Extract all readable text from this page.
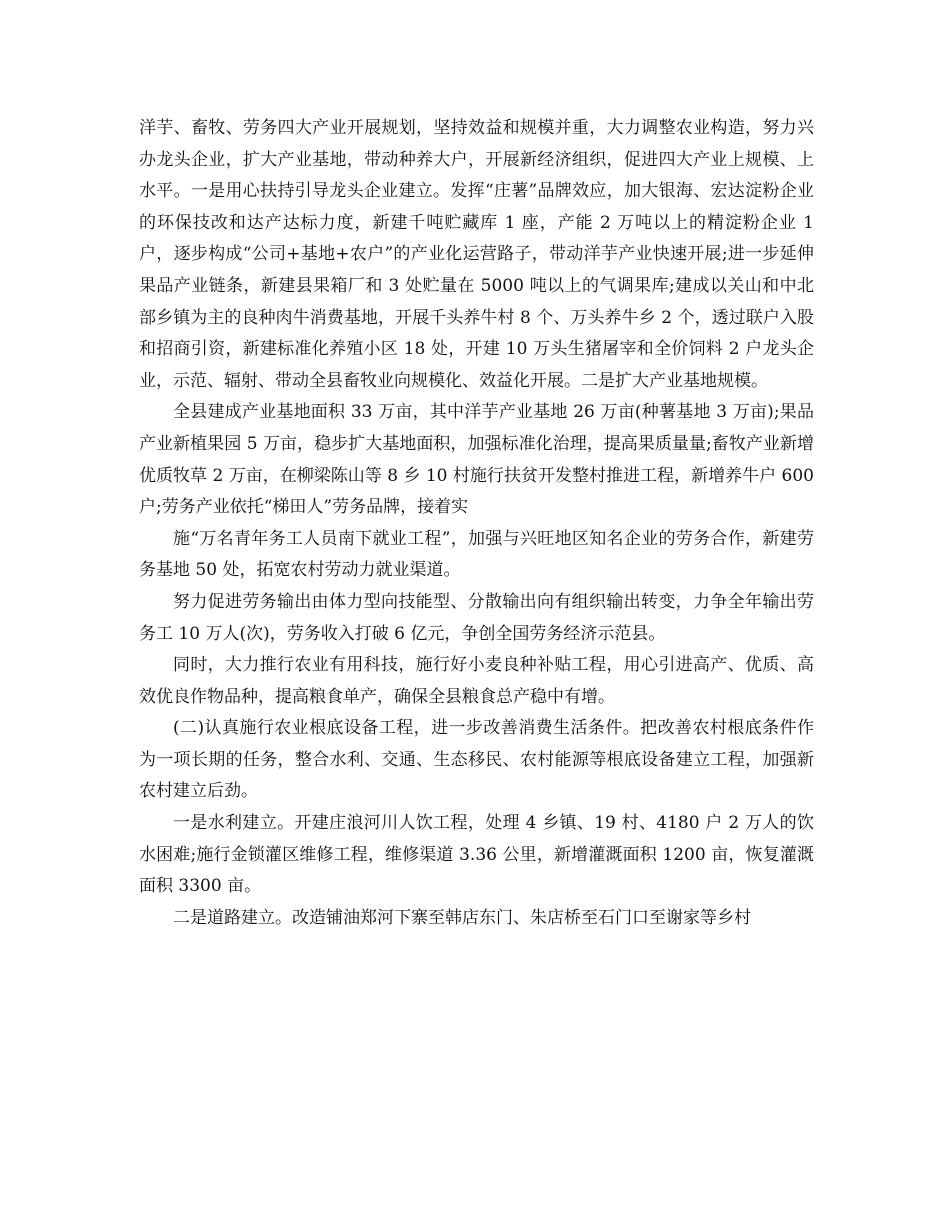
洋芋、畜牧、劳务四大产业开展规划，坚持效益和规模并重，大力调整农业构造，努力兴办龙头企业，扩大产业基地，带动种养大户，开展新经济组织，促进四大产业上规模、上水平。一是用心扶持引导龙头企业建立。发挥“庄薯”品牌效应，加大银海、宏达淀粉企业的环保技改和达产达标力度，新建千吨贮藏库 1 座，产能 2 万吨以上的精淀粉企业 1 户，逐步构成“公司+基地+农户”的产业化运营路子，带动洋芋产业快速开展;进一步延伸果品产业链条，新建县果箱厂和 3 处贮量在 5000 吨以上的气调果库;建成以关山和中北部乡镇为主的良种肉牛消费基地，开展千头养牛村 8 个、万头养牛乡 2 个，透过联户入股和招商引资，新建标准化养殖小区 18 处，开建 10 万头生猪屠宰和全价饲料 2 户龙头企业，示范、辐射、带动全县畜牧业向规模化、效益化开展。二是扩大产业基地规模。

全县建成产业基地面积 33 万亩，其中洋芋产业基地 26 万亩(种薯基地 3 万亩);果品产业新植果园 5 万亩，稳步扩大基地面积，加强标准化治理，提高果质量量;畜牧产业新增优质牧草 2 万亩，在柳梁陈山等 8 乡 10 村施行扶贫开发整村推进工程，新增养牛户 600 户;劳务产业依托“梯田人”劳务品牌，接着实

施“万名青年务工人员南下就业工程”，加强与兴旺地区知名企业的劳务合作，新建劳务基地 50 处，拓宽农村劳动力就业渠道。

努力促进劳务输出由体力型向技能型、分散输出向有组织输出转变，力争全年输出劳务工 10 万人(次)，劳务收入打破 6 亿元，争创全国劳务经济示范县。

同时，大力推行农业有用科技，施行好小麦良种补贴工程，用心引进高产、优质、高效优良作物品种，提高粮食单产，确保全县粮食总产稳中有增。

(二)认真施行农业根底设备工程，进一步改善消费生活条件。把改善农村根底条件作为一项长期的任务，整合水利、交通、生态移民、农村能源等根底设备建立工程，加强新农村建立后劲。

一是水利建立。开建庄浪河川人饮工程，处理 4 乡镇、19 村、4180 户 2 万人的饮水困难;施行金锁灌区维修工程，维修渠道 3.36 公里，新增灌溉面积 1200 亩，恢复灌溉面积 3300 亩。

二是道路建立。改造铺油郑河下寨至韩店东门、朱店桥至石门口至谢家等乡村
